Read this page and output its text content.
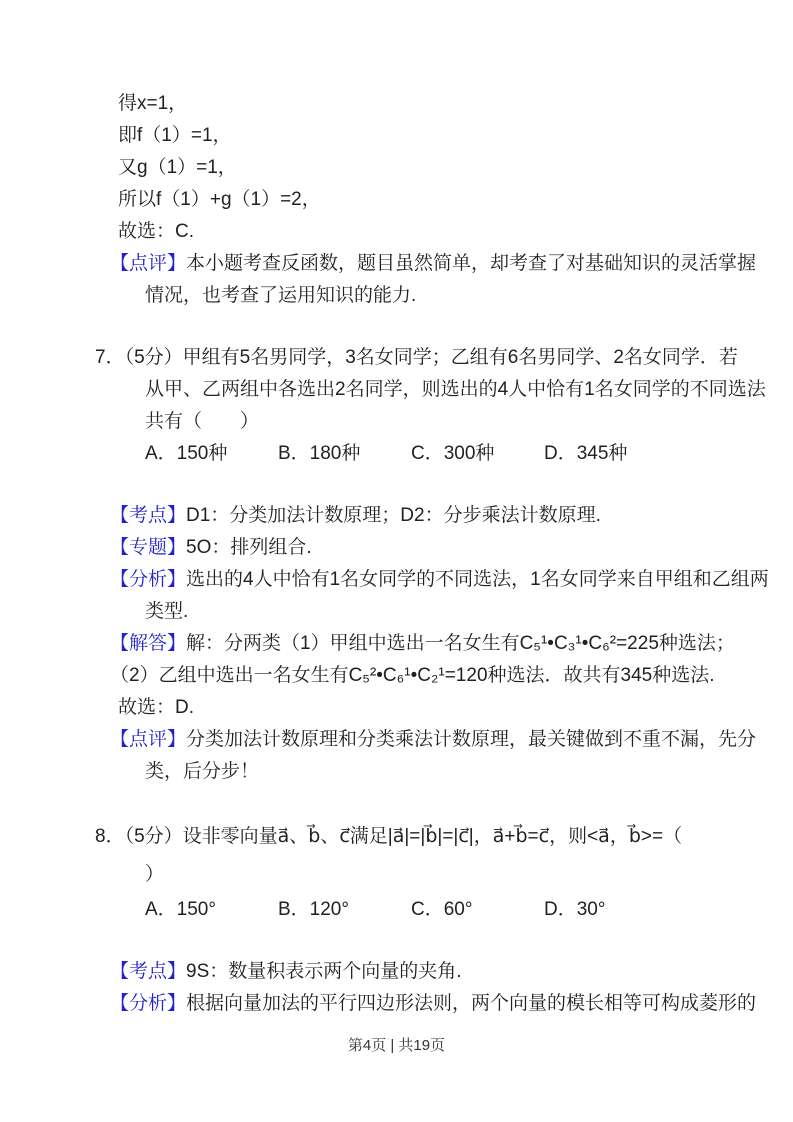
得x=1，

即f（1）=1，

又g（1）=1，

所以f（1）+g（1）=2，

故选：C.

【点评】本小题考查反函数，题目虽然简单，却考查了对基础知识的灵活掌握

情况，也考查了运用知识的能力.

7．（5分）甲组有5名男同学，3名女同学；乙组有6名男同学、2名女同学．若

从甲、乙两组中各选出2名同学，则选出的4人中恰有1名女同学的不同选法

共有（　　）

A．150种	B．180种	C．300种	D．345种

【考点】D1：分类加法计数原理；D2：分步乘法计数原理.

【专题】5O：排列组合.

【分析】选出的4人中恰有1名女同学的不同选法，1名女同学来自甲组和乙组两

类型.

【解答】解：分两类（1）甲组中选出一名女生有C₅¹•C₃¹•C₆²=225种选法；

（2）乙组中选出一名女生有C₅²•C₆¹•C₂¹=120种选法．故共有345种选法.

故选：D.

【点评】分类加法计数原理和分类乘法计数原理，最关键做到不重不漏，先分

类，后分步！

8．（5分）设非零向量a⃗、b⃗、c⃗满足|a⃗|=|b⃗|=|c⃗|，a⃗+b⃗=c⃗，则<a⃗，b⃗>=（

）

A．150°	B．120°	C．60°	D．30°

【考点】9S：数量积表示两个向量的夹角.

【分析】根据向量加法的平行四边形法则，两个向量的模长相等可构成菱形的

第4页 | 共19页
